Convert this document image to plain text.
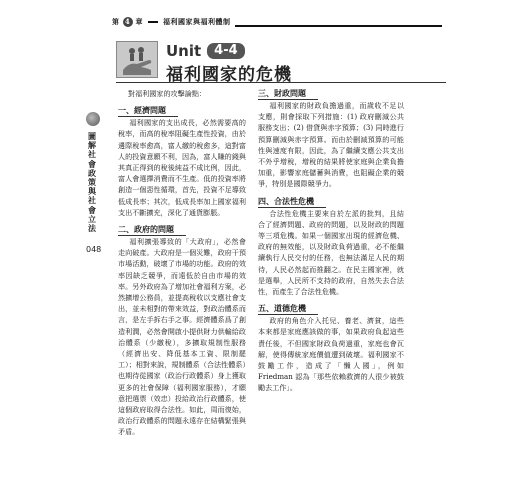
第 4 章	福利國家與福利體制
Unit	4-4
福利國家的危機
圖解社會政策與社會立法
048

對福利國家的攻擊論點：

一、經濟問題

福利國家的支出成長，必然需要高的稅率，而高的稅率阻礙生產性投資，由於邊際稅率愈高，富人繳的稅愈多，這對富人的投資意願不利，因為，富人賺的錢與其真正得到的稅後純益不成比例，因此，富人會選擇消費而不生產。低的投資率將創造一個惡性循環，首先，投資不足導致低成長率；其次，低成長率加上國家福利支出不斷擴充，深化了通貨膨脹。

二、政府的問題

福利擴張導致的「大政府」，必然會走向破產。大政府是一個災難，政府干預市場活動，破壞了市場的功能。政府的效率因缺乏競爭，而遠低於自由市場的效率。另外政府為了增加社會福利方案，必然擴增公務員，並提高稅收以支應社會支出，並未相對的帶來效益，對政治體系而言，是左手拆右手之事。經濟體系爲了創造利潤，必然會開啟小提供財力供輸給政治體系（少繳稅），多擴取規制性服務（經濟出安、降低基本工資、限制罷工）；相對來說，規制體系（合法性體系）也期待從國家（政治行政體系）身上獲取更多的社會保障（福利國家服務），才願意把選票（效忠）投給政治行政體系，使這個政府取得合法性。如此，周而復始，政治行政體系的問題永遠存在結構緊張與矛盾。

三、財政問題

福利國家的財政負擔過重，而歲收不足以支應，則會採取下列措施：(1) 政府刪減公共服務支出；(2) 借貸與赤字預算；(3) 同時進行預算刪減與赤字預算。而由於刪減預算的可能性與速度有限，因此，為了繼續支應公共支出不外乎增稅，增稅的結果將使家庭與企業負擔加重，影響家庭儲蓄與消費，也阻礙企業的競爭，特別是國際競爭力。

四、合法性危機

合法性危機主要來自於左派的批判，且結合了經濟問題、政府的問題，以及財政的問題等三項危機。如果一個國家出現的經濟危機、政府的無效能，以及財政負荷過重，必不能繼續執行人民交付的任務，也無法滿足人民的期待，人民必然起而推翻之。在民主國家裡，就是選舉，人民所不支持的政府，自然失去合法性，而產生了合法性危機。

五、道德危機

政府的角色介入托兒、養老、濟貧，這些本來都是家庭應該做的事，如果政府負起這些責任後，不但國家財政負荷過重，家庭也會瓦解，使得傳統家庭價值遭到破壞。福利國家不鼓勵工作，造成了「懶人國」，例如 Friedman 認為「那些依賴救濟的人很少被鼓勵去工作」。
